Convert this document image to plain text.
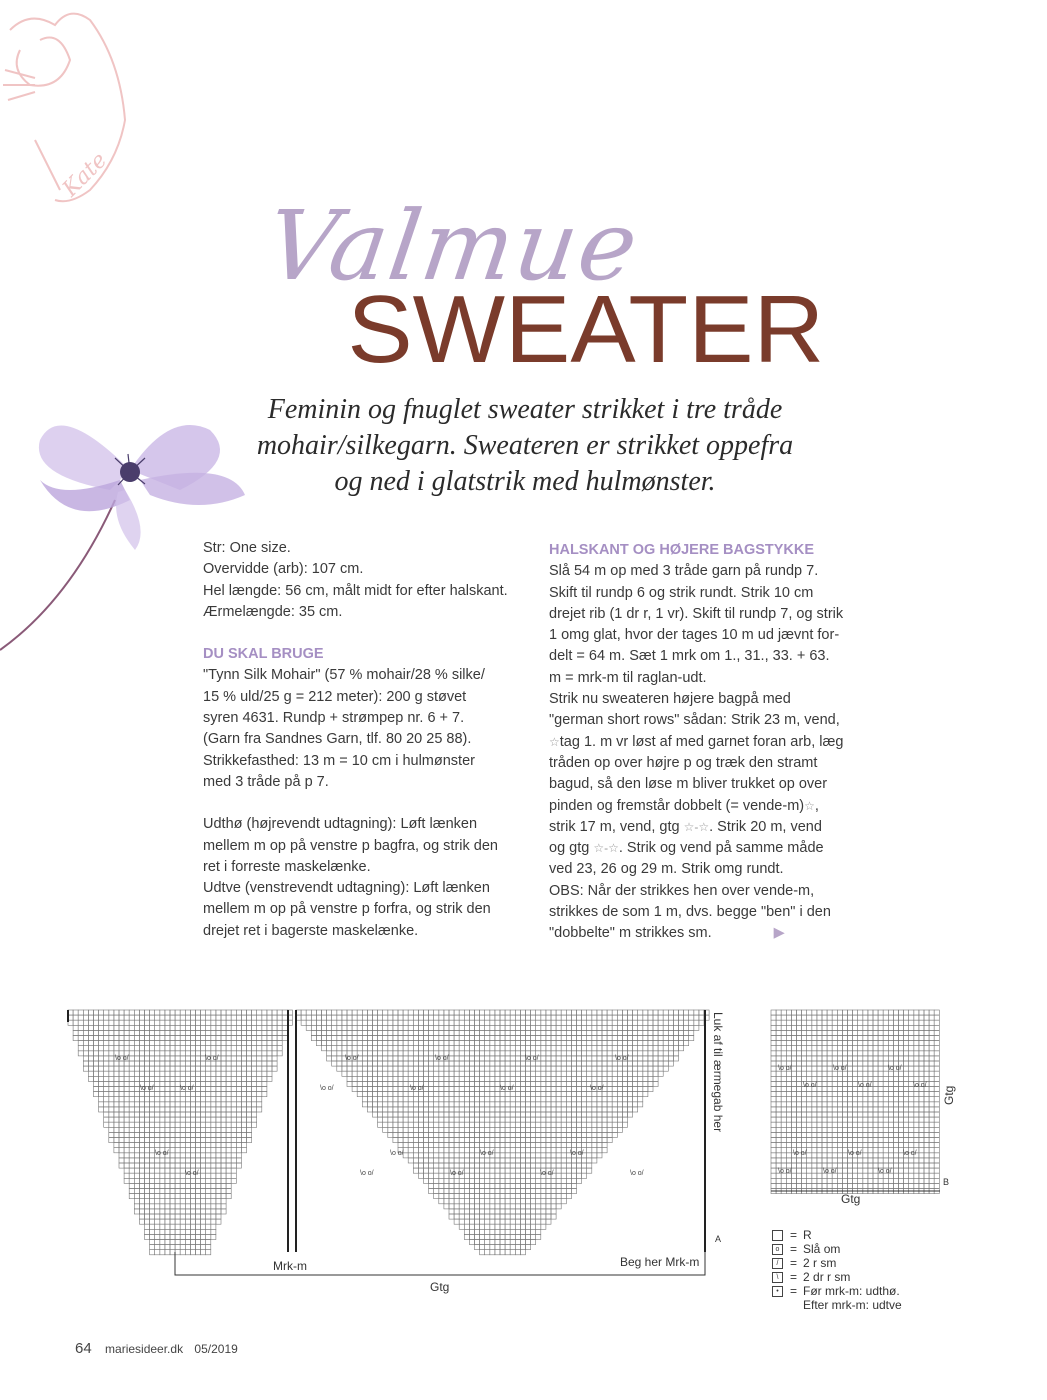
Kate
Valmue
SWEATER
Feminin og fnuglet sweater strikket i tre tråde mohair/silkegarn. Sweateren er strikket oppefra og ned i glatstrik med hulmønster.

Str: One size.

Overvidde (arb): 107 cm.

Hel længde: 56 cm, målt midt for efter halskant.

Ærmelængde: 35 cm.

DU SKAL BRUGE

"Tynn Silk Mohair" (57 % mohair/28 % silke/

15 % uld/25 g = 212 meter): 200 g støvet

syren 4631. Rundp + strømpep nr. 6 + 7.

(Garn fra Sandnes Garn, tlf. 80 20 25 88).

Strikkefasthed: 13 m = 10 cm i hulmønster

med 3 tråde på p 7.

Udthø (højrevendt udtagning): Løft lænken

mellem m op på venstre p bagfra, og strik den

ret i forreste maskelænke.

Udtve (venstrevendt udtagning): Løft lænken

mellem m op på venstre p forfra, og strik den

drejet ret i bagerste maskelænke.

HALSKANT OG HØJERE BAGSTYKKE

Slå 54 m op med 3 tråde garn på rundp 7.

Skift til rundp 6 og strik rundt. Strik 10 cm

drejet rib (1 dr r, 1 vr). Skift til rundp 7, og strik

1 omg glat, hvor der tages 10 m ud jævnt for-

delt = 64 m. Sæt 1 mrk om 1., 31., 33. + 63.

m = mrk-m til raglan-udt.

Strik nu sweateren højere bagpå med

"german short rows" sådan: Strik 23 m, vend,

☆tag 1. m vr løst af med garnet foran arb, læg

tråden op over højre p og træk den stramt

bagud, så den løse m bliver trukket op over

pinden og fremstår dobbelt (= vende-m)☆,

strik 17 m, vend, gtg ☆-☆. Strik 20 m, vend

og gtg ☆-☆. Strik og vend på samme måde

ved 23, 26 og 29 m. Strik omg rundt.

OBS: Når der strikkes hen over vende-m,

strikkes de som 1 m, dvs. begge "ben" i den

"dobbelte" m strikkes sm.	▶

\o o/	\o o/
\o o/	\o o/
\o o/	\o o/	\o o/	\o o/
\o o/	\o o/	\o o/	\o o/
\o o/
\o o/
\o o/	\o o/	\o o/
\o o/	\o o/	\o o/	\o o/
Mrk-m	Beg her Mrk-m
Gtg
A
Luk af til ærmegab her	\o o/	\o o/	\o o/
\o o/	\o o/	\o o/
\o o/	\o o/	\o o/
\o o/	\o o/	\o o/
Gtg
B
Gtg
= R
o = Slå om
/ = 2 r sm
\ = 2 dr r sm
• = Før mrk-m: udthø.
Efter mrk-m: udtve
64 mariesideer.dk 05/2019
